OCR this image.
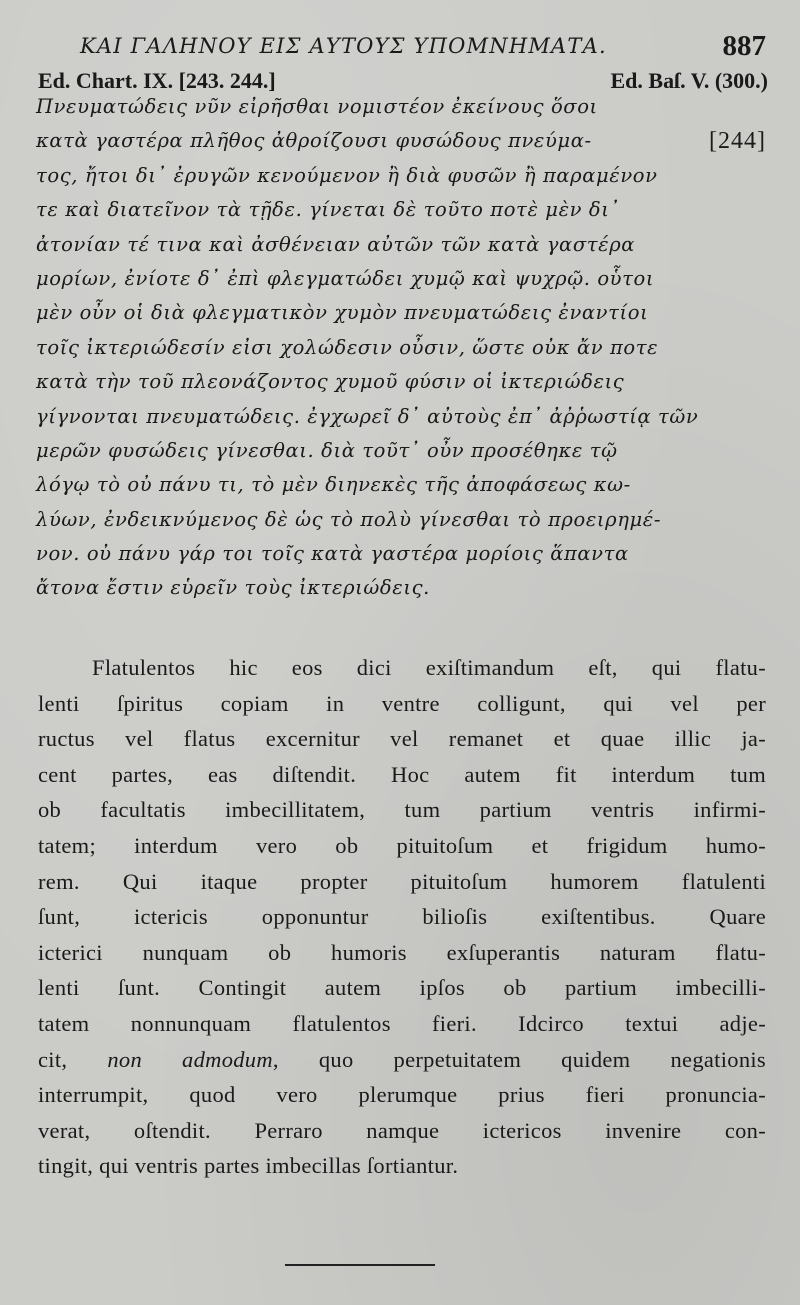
ΚΑΙ ΓΑΛΗΝΟΥ ΕΙΣ ΑΥΤΟΥΣ ΥΠΟΜΝΗΜΑΤΑ.	887
Ed. Chart. IX. [243. 244.]	Ed. Baſ. V. (300.)
Πνευματώδεις νῦν εἰρῆσθαι νομιστέον ἐκείνους ὅσοι
κατὰ γαστέρα πλῆθος ἀθροίζουσι φυσώδους πνεύμα-	[244]
τος, ἤτοι δι᾽ ἐρυγῶν κενούμενον ἢ διὰ φυσῶν ἢ παραμένον
τε καὶ διατεῖνον τὰ τῇδε. γίνεται δὲ τοῦτο ποτὲ μὲν δι᾽
ἀτονίαν τέ τινα καὶ ἀσθένειαν αὐτῶν τῶν κατὰ γαστέρα
μορίων, ἐνίοτε δ᾽ ἐπὶ φλεγματώδει χυμῷ καὶ ψυχρῷ. οὗτοι
μὲν οὖν οἱ διὰ φλεγματικὸν χυμὸν πνευματώδεις ἐναντίοι
τοῖς ἰκτεριώδεσίν εἰσι χολώδεσιν οὖσιν, ὥστε οὐκ ἄν ποτε
κατὰ τὴν τοῦ πλεονάζοντος χυμοῦ φύσιν οἱ ἰκτεριώδεις
γίγνονται πνευματώδεις. ἐγχωρεῖ δ᾽ αὐτοὺς ἐπ᾽ ἀῤῥωστίᾳ τῶν
μερῶν φυσώδεις γίνεσθαι. διὰ τοῦτ᾽ οὖν προσέθηκε τῷ
λόγῳ τὸ οὐ πάνυ τι, τὸ μὲν διηνεκὲς τῆς ἀποφάσεως κω-
λύων, ἐνδεικνύμενος δὲ ὡς τὸ πολὺ γίνεσθαι τὸ προειρημέ-
νον. οὐ πάνυ γάρ τοι τοῖς κατὰ γαστέρα μορίοις ἅπαντα
ἄτονα ἔστιν εὑρεῖν τοὺς ἰκτεριώδεις.
Flatulentos hic eos dici exiſtimandum eſt, qui flatu-
lenti ſpiritus copiam in ventre colligunt, qui vel per
ructus vel flatus excernitur vel remanet et quae illic ja-
cent partes, eas diſtendit. Hoc autem fit interdum tum
ob facultatis imbecillitatem, tum partium ventris infirmi-
tatem; interdum vero ob pituitoſum et frigidum humo-
rem. Qui itaque propter pituitoſum humorem flatulenti
ſunt, ictericis opponuntur bilioſis exiſtentibus. Quare
icterici nunquam ob humoris exſuperantis naturam flatu-
lenti ſunt. Contingit autem ipſos ob partium imbecilli-
tatem nonnunquam flatulentos fieri. Idcirco textui adje-
cit, non admodum, quo perpetuitatem quidem negationis
interrumpit, quod vero plerumque prius fieri pronuncia-
verat, oſtendit. Perraro namque ictericos invenire con-
tingit, qui ventris partes imbecillas ſortiantur.
